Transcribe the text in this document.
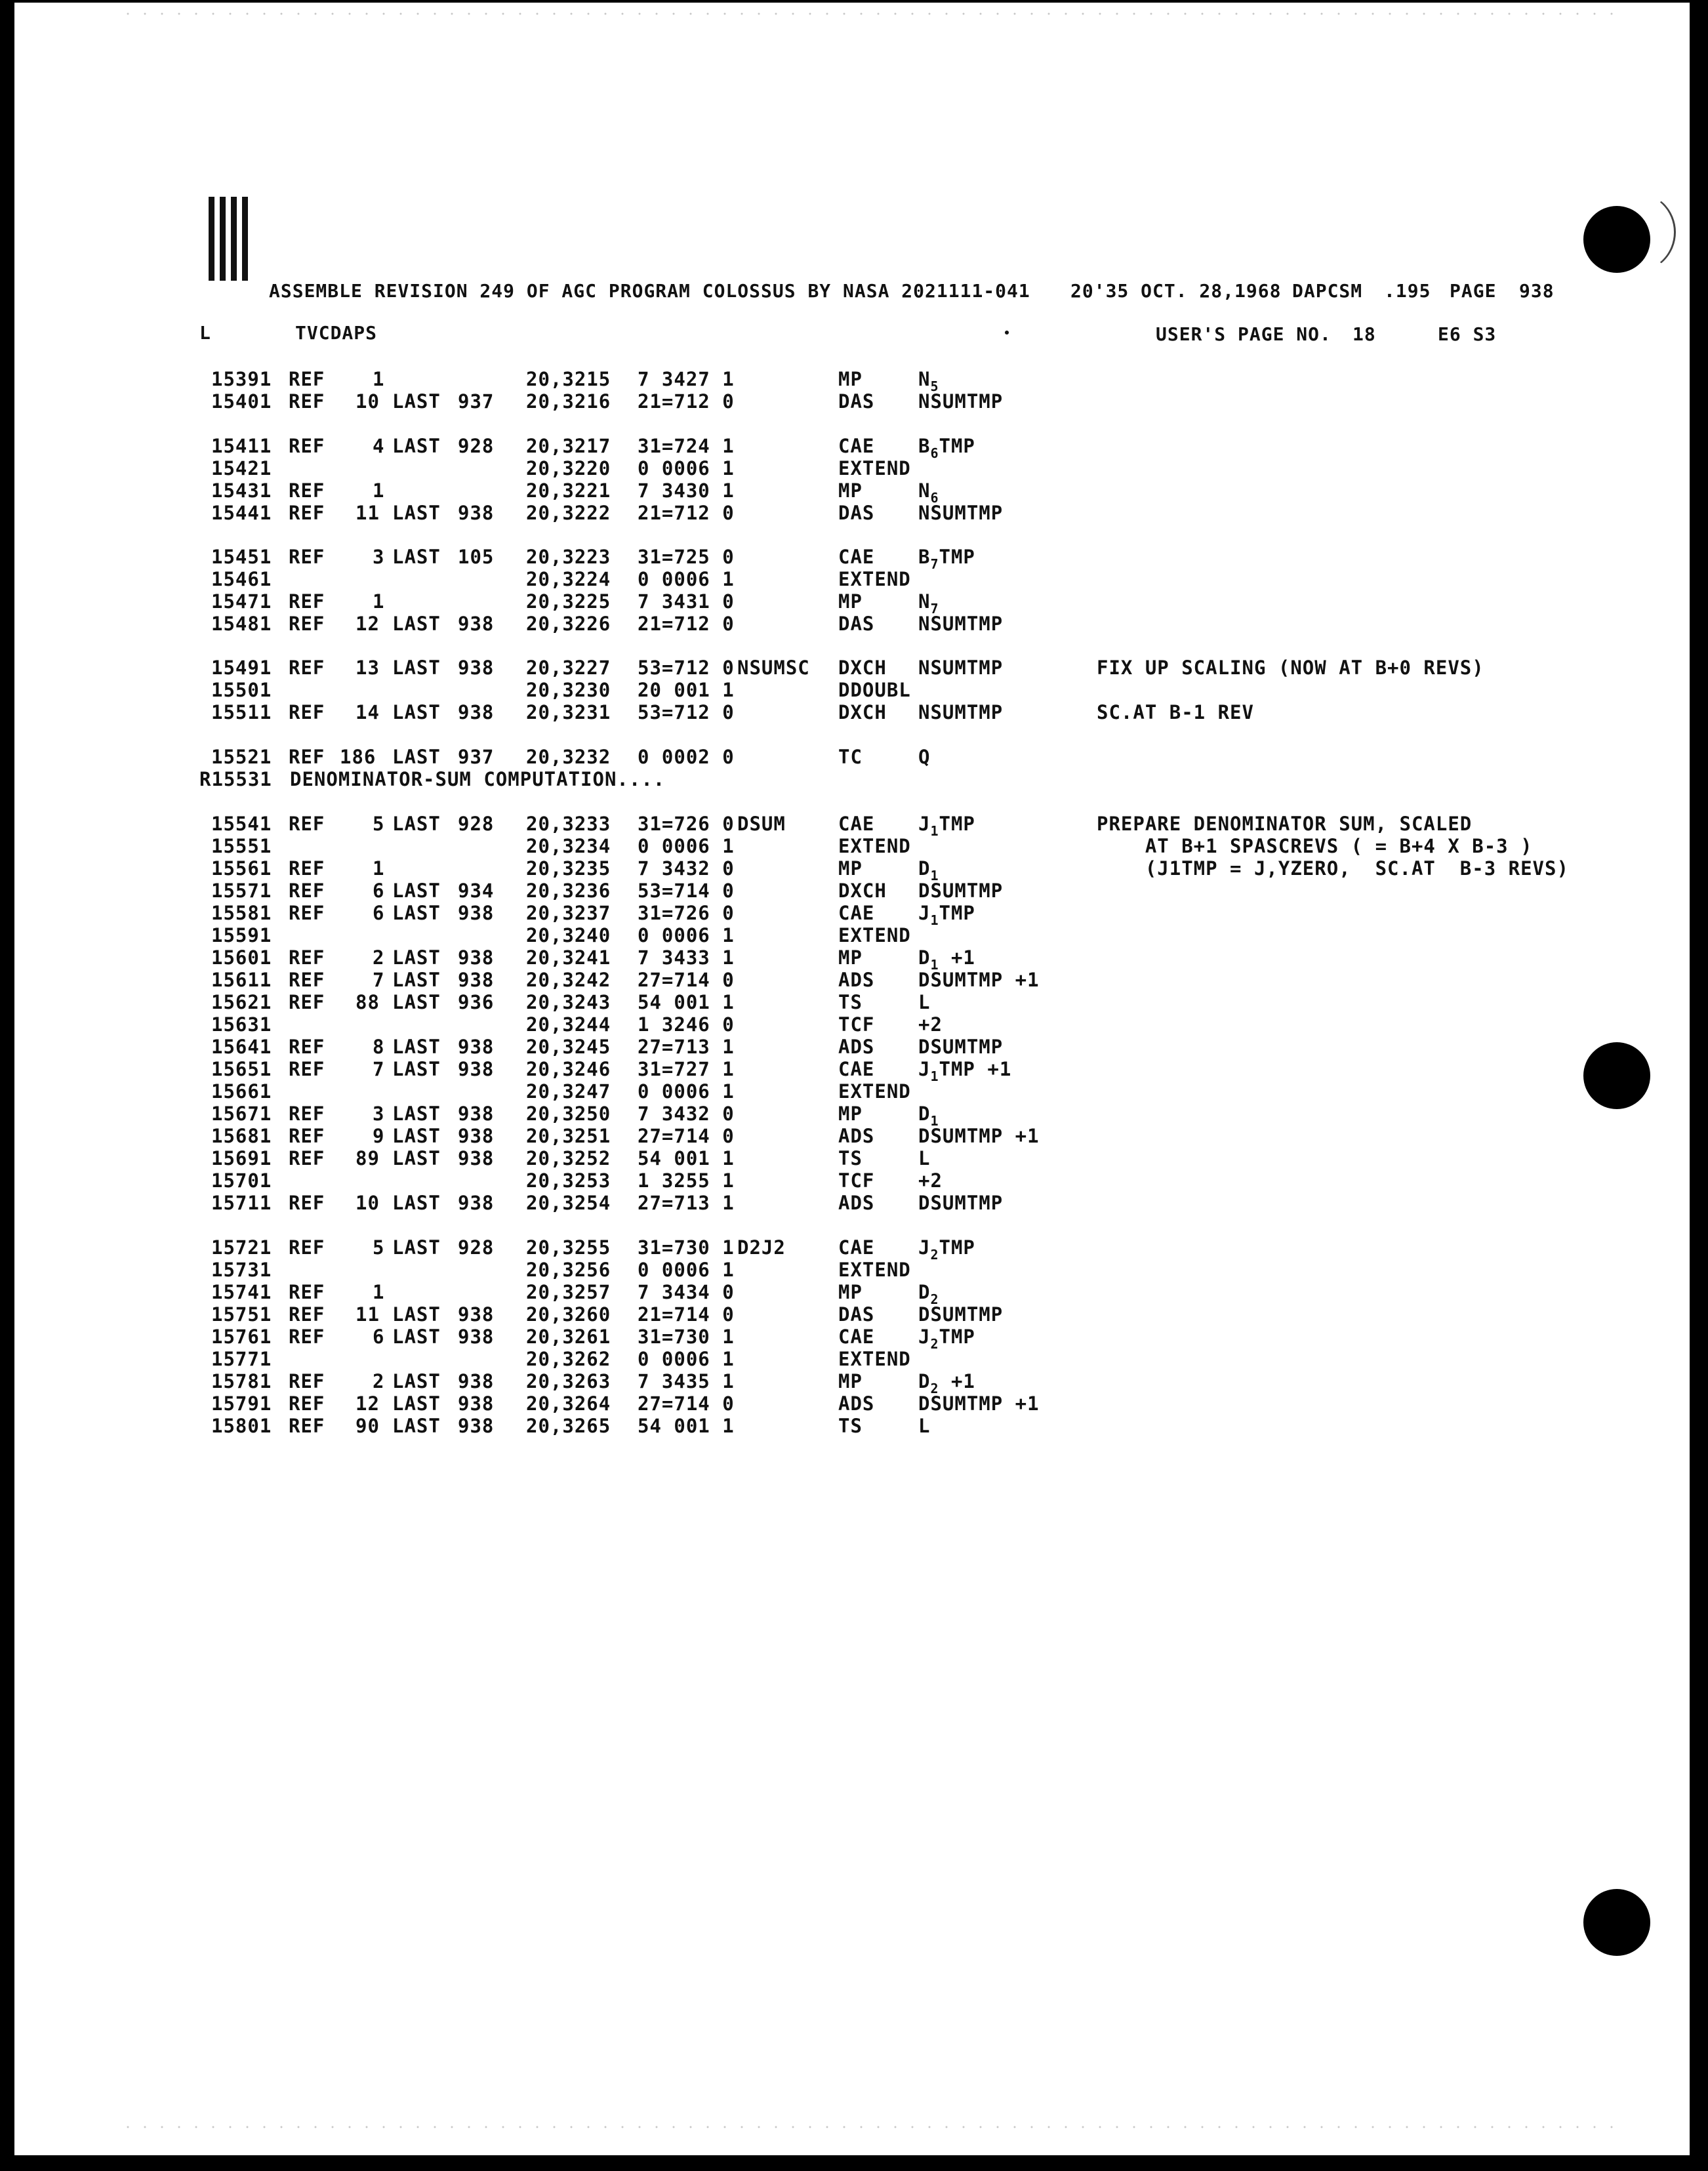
ASSEMBLE REVISION 249 OF AGC PROGRAM COLOSSUS BY NASA 2021111-041 20'35 OCT. 28,1968 DAPCSM .195 PAGE 938
L	TVCDAPS	USER'S PAGE NO. 18	E6 S3
15391 REF	1	20,3215 7 3427 1	MP	$N_5$
15401 REF 10 LAST 937 20,3216 21=712 0	DAS NSUMTMP
15411 REF	4 LAST 928 20,3217 31=724 1	CAE $B_6TMP$
15421	20,3220 0 0006 1	EXTEND
15431 REF	1	20,3221 7 3430 1	MP	$N_6$
15441 REF 11 LAST 938 20,3222 21=712 0	DAS NSUMTMP
15451 REF	3 LAST 105 20,3223 31=725 0	CAE $B_7TMP$
15461	20,3224 0 0006 1	EXTEND
15471 REF	1	20,3225 7 3431 0	MP	$N_7$
15481 REF 12 LAST 938 20,3226 21=712 0	DAS NSUMTMP
15491 REF 13 LAST 938 20,3227 53=712 0 NSUMSC DXCH NSUMTMP	FIX UP SCALING (NOW AT B+0 REVS)
15501	20,3230 20 001 1	DDOUBL
15511 REF 14 LAST 938 20,3231 53=712 0	DXCH NSUMTMP	SC.AT B-1 REV
15521 REF 186 LAST 937 20,3232 0 0002 0	TC	Q
R15531 DENOMINATOR-SUM COMPUTATION....
15541 REF	5 LAST 928 20,3233 31=726 0 DSUM	CAE $J_1TMP$	PREPARE DENOMINATOR SUM, SCALED
15551	20,3234 0 0006 1	EXTEND	AT B+1 SPASCREVS ( = B+4 X B-3 )
15561 REF	1	20,3235 7 3432 0	MP	$D_1$	(J1TMP = J,YZERO,  SC.AT  B-3 REVS)
15571 REF	6 LAST 934 20,3236 53=714 0	DXCH DSUMTMP
15581 REF	6 LAST 938 20,3237 31=726 0	CAE $J_1TMP$
15591	20,3240 0 0006 1	EXTEND
15601 REF	2 LAST 938 20,3241 7 3433 1	MP	$D_1 +1$
15611 REF	7 LAST 938 20,3242 27=714 0	ADS DSUMTMP +1
15621 REF 88 LAST 936 20,3243 54 001 1	TS	L
15631	20,3244 1 3246 0	TCF +2
15641 REF	8 LAST 938 20,3245 27=713 1	ADS DSUMTMP
15651 REF	7 LAST 938 20,3246 31=727 1	CAE $J_1TMP +1$
15661	20,3247 0 0006 1	EXTEND
15671 REF	3 LAST 938 20,3250 7 3432 0	MP	$D_1$
15681 REF	9 LAST 938 20,3251 27=714 0	ADS DSUMTMP +1
15691 REF 89 LAST 938 20,3252 54 001 1	TS	L
15701	20,3253 1 3255 1	TCF +2
15711 REF 10 LAST 938 20,3254 27=713 1	ADS DSUMTMP
15721 REF	5 LAST 928 20,3255 31=730 1 D2J2	CAE $J_2TMP$
15731	20,3256 0 0006 1	EXTEND
15741 REF	1	20,3257 7 3434 0	MP	$D_2$
15751 REF 11 LAST 938 20,3260 21=714 0	DAS DSUMTMP
15761 REF	6 LAST 938 20,3261 31=730 1	CAE $J_2TMP$
15771	20,3262 0 0006 1	EXTEND
15781 REF	2 LAST 938 20,3263 7 3435 1	MP	$D_2 +1$
15791 REF 12 LAST 938 20,3264 27=714 0	ADS DSUMTMP +1
15801 REF 90 LAST 938 20,3265 54 001 1	TS	L
